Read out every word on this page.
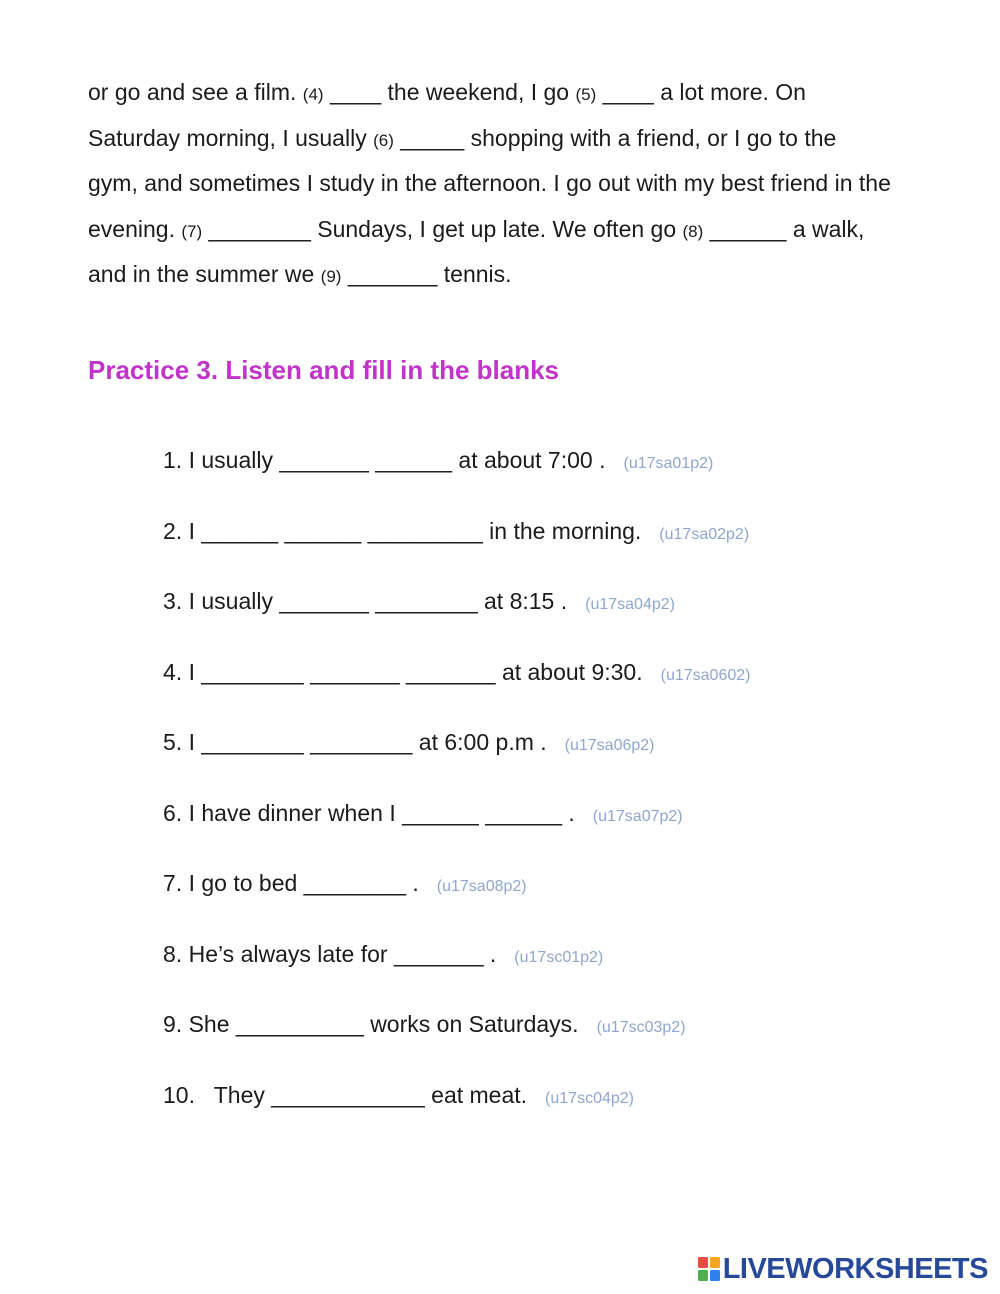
or go and see a film. (4) ____ the weekend, I go (5) ____ a lot more. On
Saturday morning, I usually (6) _____ shopping with a friend, or I go to the
gym, and sometimes I study in the afternoon. I go out with my best friend in the
evening. (7) ________ Sundays, I get up late. We often go (8) ______ a walk,
and in the summer we (9) _______ tennis.
Practice 3. Listen and fill in the blanks
1. I usually _______ ______ at about 7:00 . (u17sa01p2)
2. I ______ ______ _________ in the morning. (u17sa02p2)
3. I usually _______ ________ at 8:15 . (u17sa04p2)
4. I ________ _______ _______ at about 9:30. (u17sa0602)
5. I ________ ________ at 6:00 p.m . (u17sa06p2)
6. I have dinner when I ______ ______ . (u17sa07p2)
7. I go to bed ________ . (u17sa08p2)
8. He’s always late for _______ . (u17sc01p2)
9. She __________ works on Saturdays. (u17sc03p2)
10. They ____________ eat meat. (u17sc04p2)
LIVEWORKSHEETS
